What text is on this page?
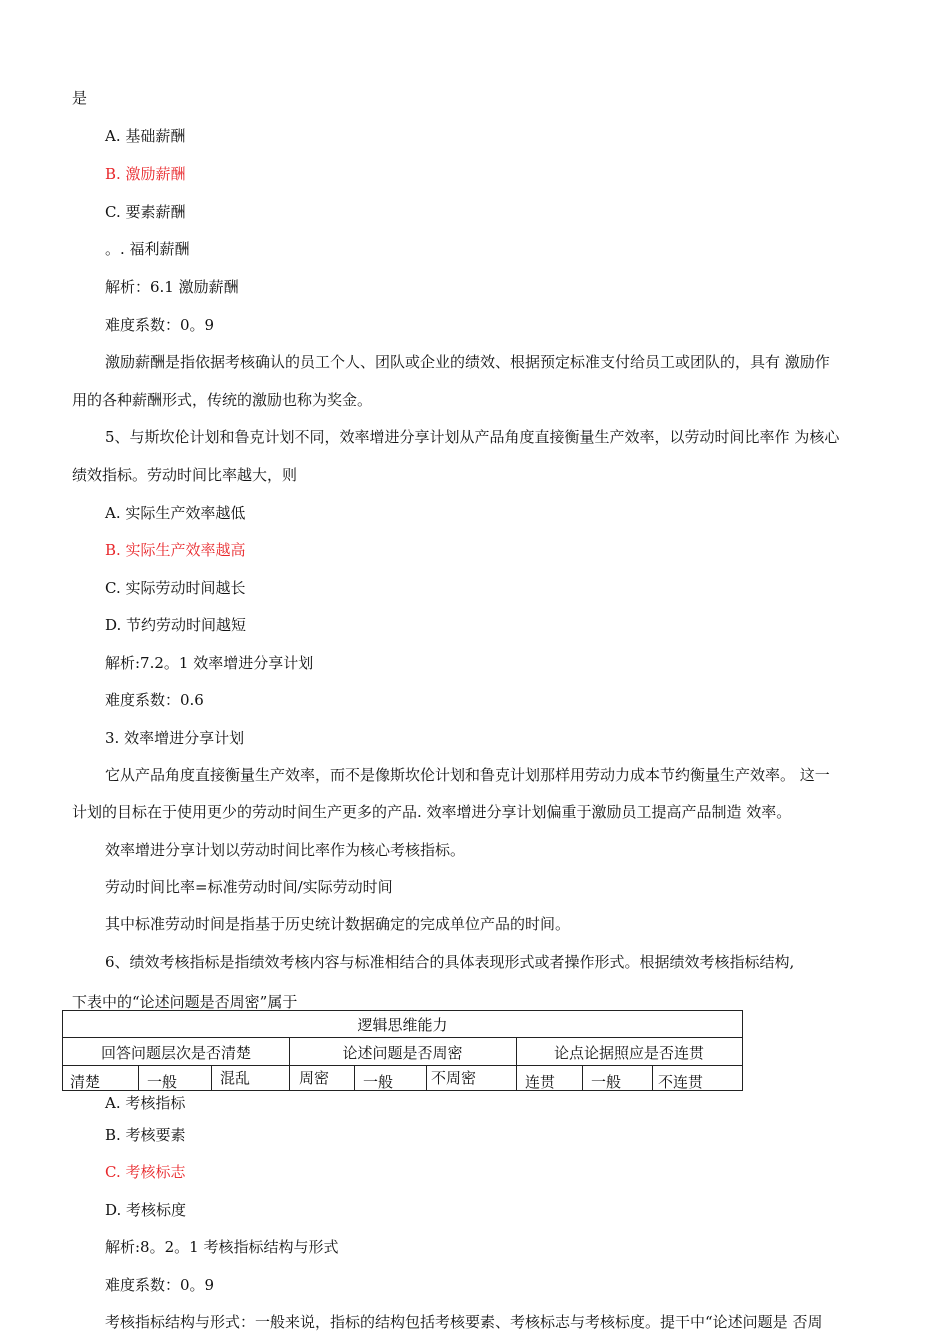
是
A. 基础薪酬
B. 激励薪酬
C. 要素薪酬
。. 福利薪酬
解析：6.1 激励薪酬
难度系数：0。9
激励薪酬是指依据考核确认的员工个人、团队或企业的绩效、根据预定标准支付给员工或团队的，具有 激励作
用的各种薪酬形式，传统的激励也称为奖金。
5、与斯坎伦计划和鲁克计划不同，效率增进分享计划从产品角度直接衡量生产效率，以劳动时间比率作 为核心
绩效指标。劳动时间比率越大，则
A. 实际生产效率越低
B. 实际生产效率越高
C. 实际劳动时间越长
D. 节约劳动时间越短
解析:7.2。1 效率增进分享计划
难度系数：0.6
3. 效率增进分享计划
它从产品角度直接衡量生产效率，而不是像斯坎伦计划和鲁克计划那样用劳动力成本节约衡量生产效率。 这一
计划的目标在于使用更少的劳动时间生产更多的产品. 效率增进分享计划偏重于激励员工提高产品制造 效率。
效率增进分享计划以劳动时间比率作为核心考核指标。
劳动时间比率=标准劳动时间/实际劳动时间
其中标准劳动时间是指基于历史统计数据确定的完成单位产品的时间。
6、绩效考核指标是指绩效考核内容与标准相结合的具体表现形式或者操作形式。根据绩效考核指标结构,
下表中的“论述问题是否周密”属于
逻辑思维能力
回答问题层次是否清楚	论述问题是否周密	论点论据照应是否连贯
清楚	一般	混乱	周密 一般	不周密	连贯 一般 不连贯
A. 考核指标
B. 考核要素
C. 考核标志
D. 考核标度
解析:8。2。1 考核指标结构与形式
难度系数：0。9
考核指标结构与形式：一般来说，指标的结构包括考核要素、考核标志与考核标度。提干中“论述问题是 否周
